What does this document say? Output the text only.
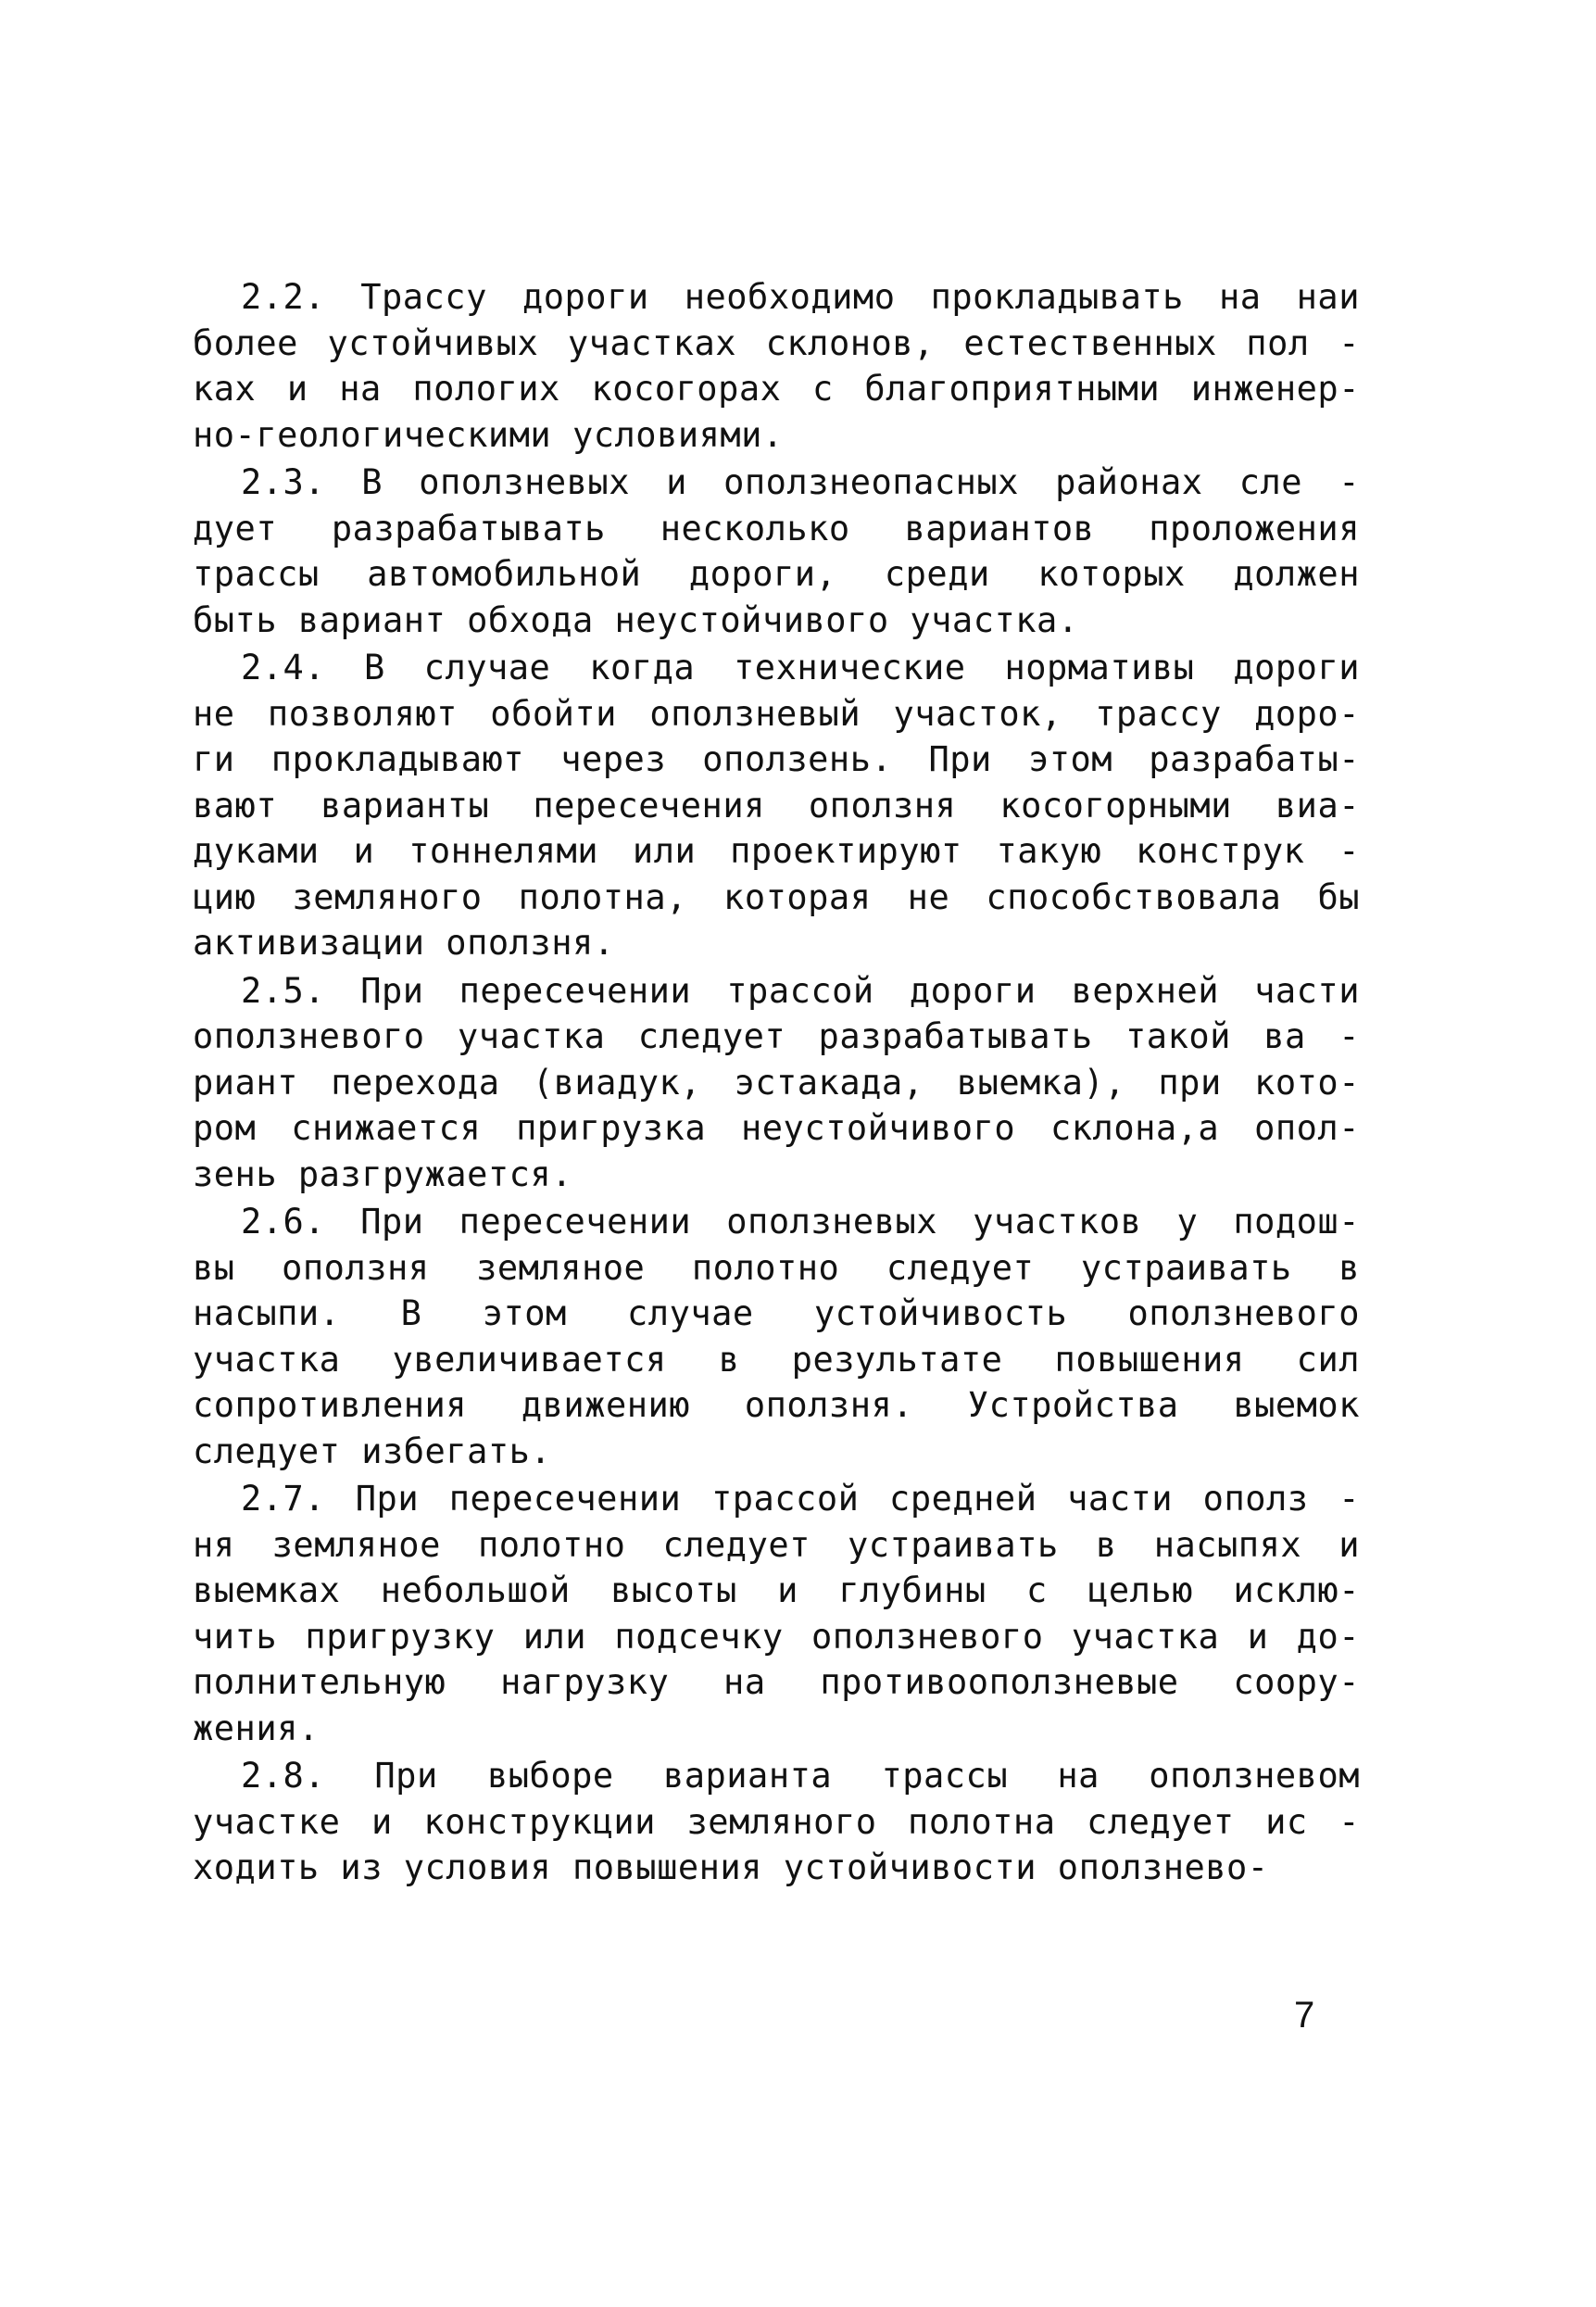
2.2. Трассу дороги необходимо прокладывать на наи
более устойчивых участках склонов, естественных пол -
ках и на пологих косогорах с благоприятными инженер-
но-геологическими условиями.
2.3. В оползневых и оползнеопасных районах сле -
дует разрабатывать несколько вариантов проложения
трассы автомобильной дороги, среди которых должен
быть вариант обхода неустойчивого участка.
2.4. В случае когда технические нормативы дороги
не позволяют обойти оползневый участок, трассу доро-
ги прокладывают через оползень. При этом разрабаты-
вают варианты пересечения оползня косогорными виа-
дуками и тоннелями или проектируют такую конструк -
цию земляного полотна, которая не способствовала бы
активизации оползня.
2.5. При пересечении трассой дороги верхней части
оползневого участка следует разрабатывать такой ва -
риант перехода (виадук, эстакада, выемка), при кото-
ром снижается пригрузка неустойчивого склона,а опол-
зень разгружается.
2.6. При пересечении оползневых участков у подош-
вы оползня земляное полотно следует устраивать в
насыпи. В этом случае устойчивость оползневого
участка увеличивается в результате повышения сил
сопротивления движению оползня. Устройства выемок
следует избегать.
2.7. При пересечении трассой средней части ополз -
ня земляное полотно следует устраивать в насыпях и
выемках небольшой высоты и глубины с целью исклю-
чить пригрузку или подсечку оползневого участка и до-
полнительную нагрузку на противооползневые соору-
жения.
2.8. При выборе варианта трассы на оползневом
участке и конструкции земляного полотна следует ис -
ходить из условия повышения устойчивости оползнево-
7
